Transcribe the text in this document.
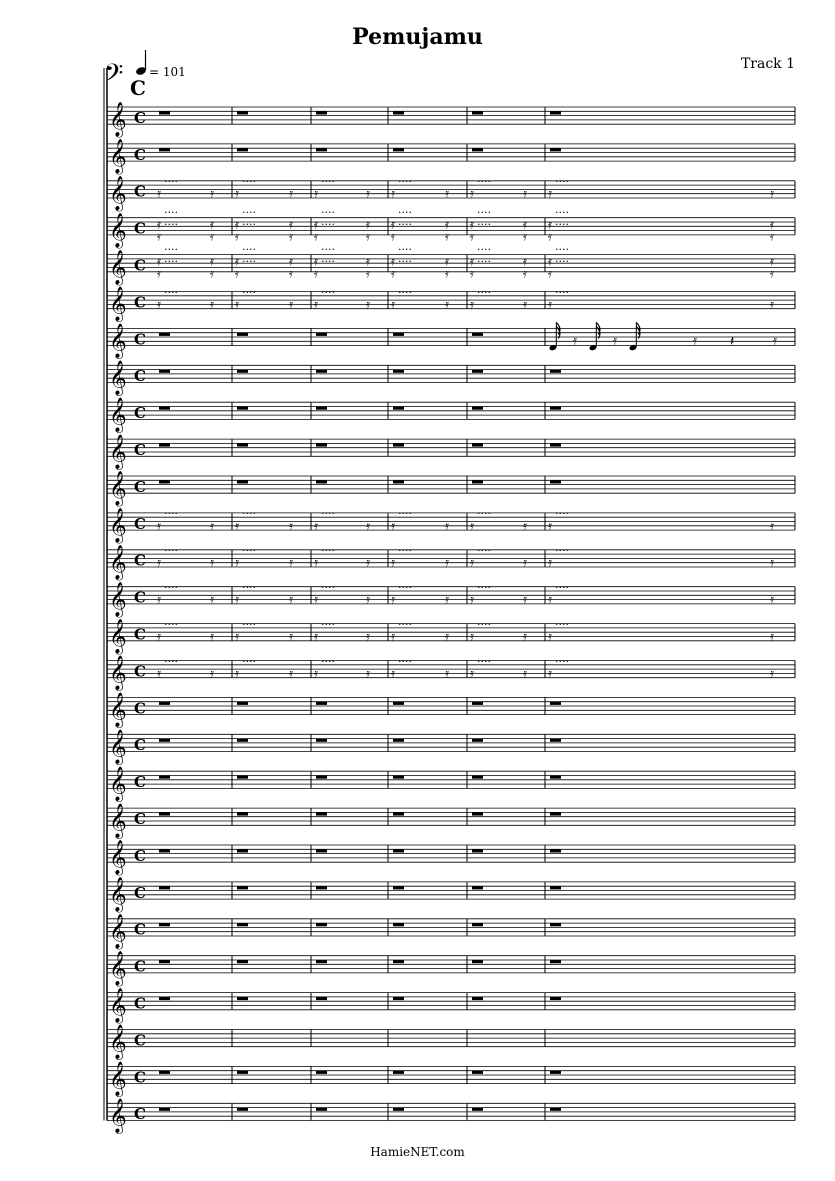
Pemujamu
Track 1
= 101
𝄢 C
𝄞 C
𝄞 C
𝄞 C 𝄿
····
𝄿 𝄿
····
𝄿 𝄿
····
𝄿 𝄿
····
𝄿 𝄿
····
𝄿 𝄿
····
𝄿
𝄞 C 𝄿
····
𝄿
𝄿
····
𝄿
𝄿
····
𝄿
𝄿
····
𝄿
𝄿
····
𝄿
𝄿
····
𝄿
𝄿
····
𝄿
𝄿
····
𝄿
𝄿
····
𝄿
𝄿
····
𝄿
𝄿
····
𝄿
𝄿
····
𝄿
𝄞 C 𝄿
····
𝄿
𝄿
····
𝄿
𝄿
····
𝄿
𝄿
····
𝄿
𝄿
····
𝄿
𝄿
····
𝄿
𝄿
····
𝄿
𝄿
····
𝄿
𝄿
····
𝄿
𝄿
····
𝄿
𝄿
····
𝄿
𝄿
····
𝄿
𝄞 C 𝄿
····
𝄿 𝄿
····
𝄿 𝄿
····
𝄿 𝄿
····
𝄿 𝄿
····
𝄿 𝄿
····
𝄿
𝄞 C	𝄿	𝄿	𝄿	𝄿
𝄽
𝄞 C
𝄞 C
𝄞 C
𝄞 C
𝄞 C 𝄿
····
𝄿 𝄿
····
𝄿 𝄿
····
𝄿 𝄿
····
𝄿 𝄿
····
𝄿 𝄿
····
𝄿
𝄞 C 𝄿
····
𝄿 𝄿
····
𝄿 𝄿
····
𝄿 𝄿
····
𝄿 𝄿
····
𝄿 𝄿
····
𝄿
𝄞 C 𝄿
····
𝄿 𝄿
····
𝄿 𝄿
····
𝄿 𝄿
····
𝄿 𝄿
····
𝄿 𝄿
····
𝄿
𝄞 C 𝄿
····
𝄿 𝄿
····
𝄿 𝄿
····
𝄿 𝄿
····
𝄿 𝄿
····
𝄿 𝄿
····
𝄿
𝄞 C 𝄿
····
𝄿 𝄿
····
𝄿 𝄿
····
𝄿 𝄿
····
𝄿 𝄿
····
𝄿 𝄿
····
𝄿
𝄞 C
𝄞 C
𝄞 C
𝄞 C
𝄞 C
𝄞 C
𝄞 C
𝄞 C
𝄞 C
𝄞 C
𝄞 C
𝄞 C
HamieNET.com
